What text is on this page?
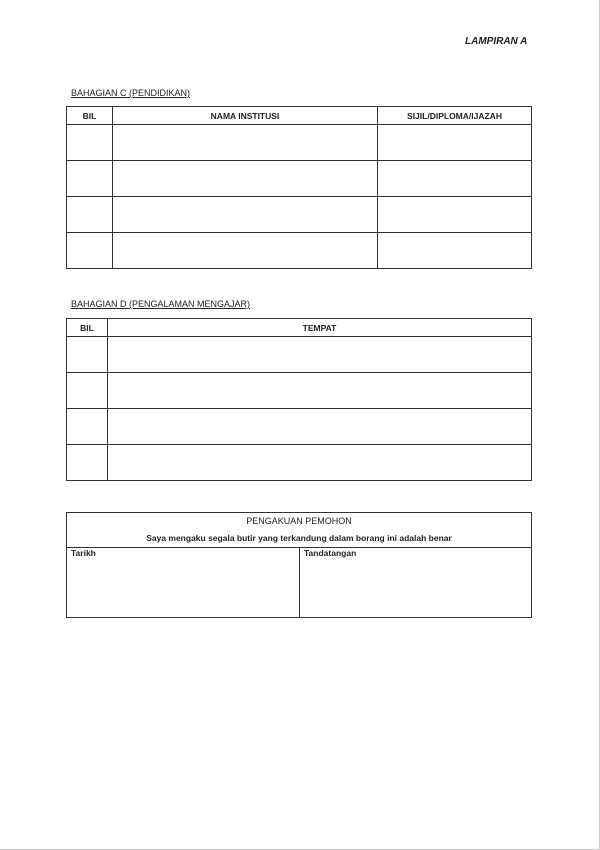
LAMPIRAN A
BAHAGIAN C (PENDIDIKAN)
BIL	NAMA INSTITUSI	SIJIL/DIPLOMA/IJAZAH

BAHAGIAN D (PENGALAMAN MENGAJAR)
BIL	TEMPAT

PENGAKUAN PEMOHON
Saya mengaku segala butir yang terkandung dalam borang ini adalah benar
Tarikh	Tandatangan
